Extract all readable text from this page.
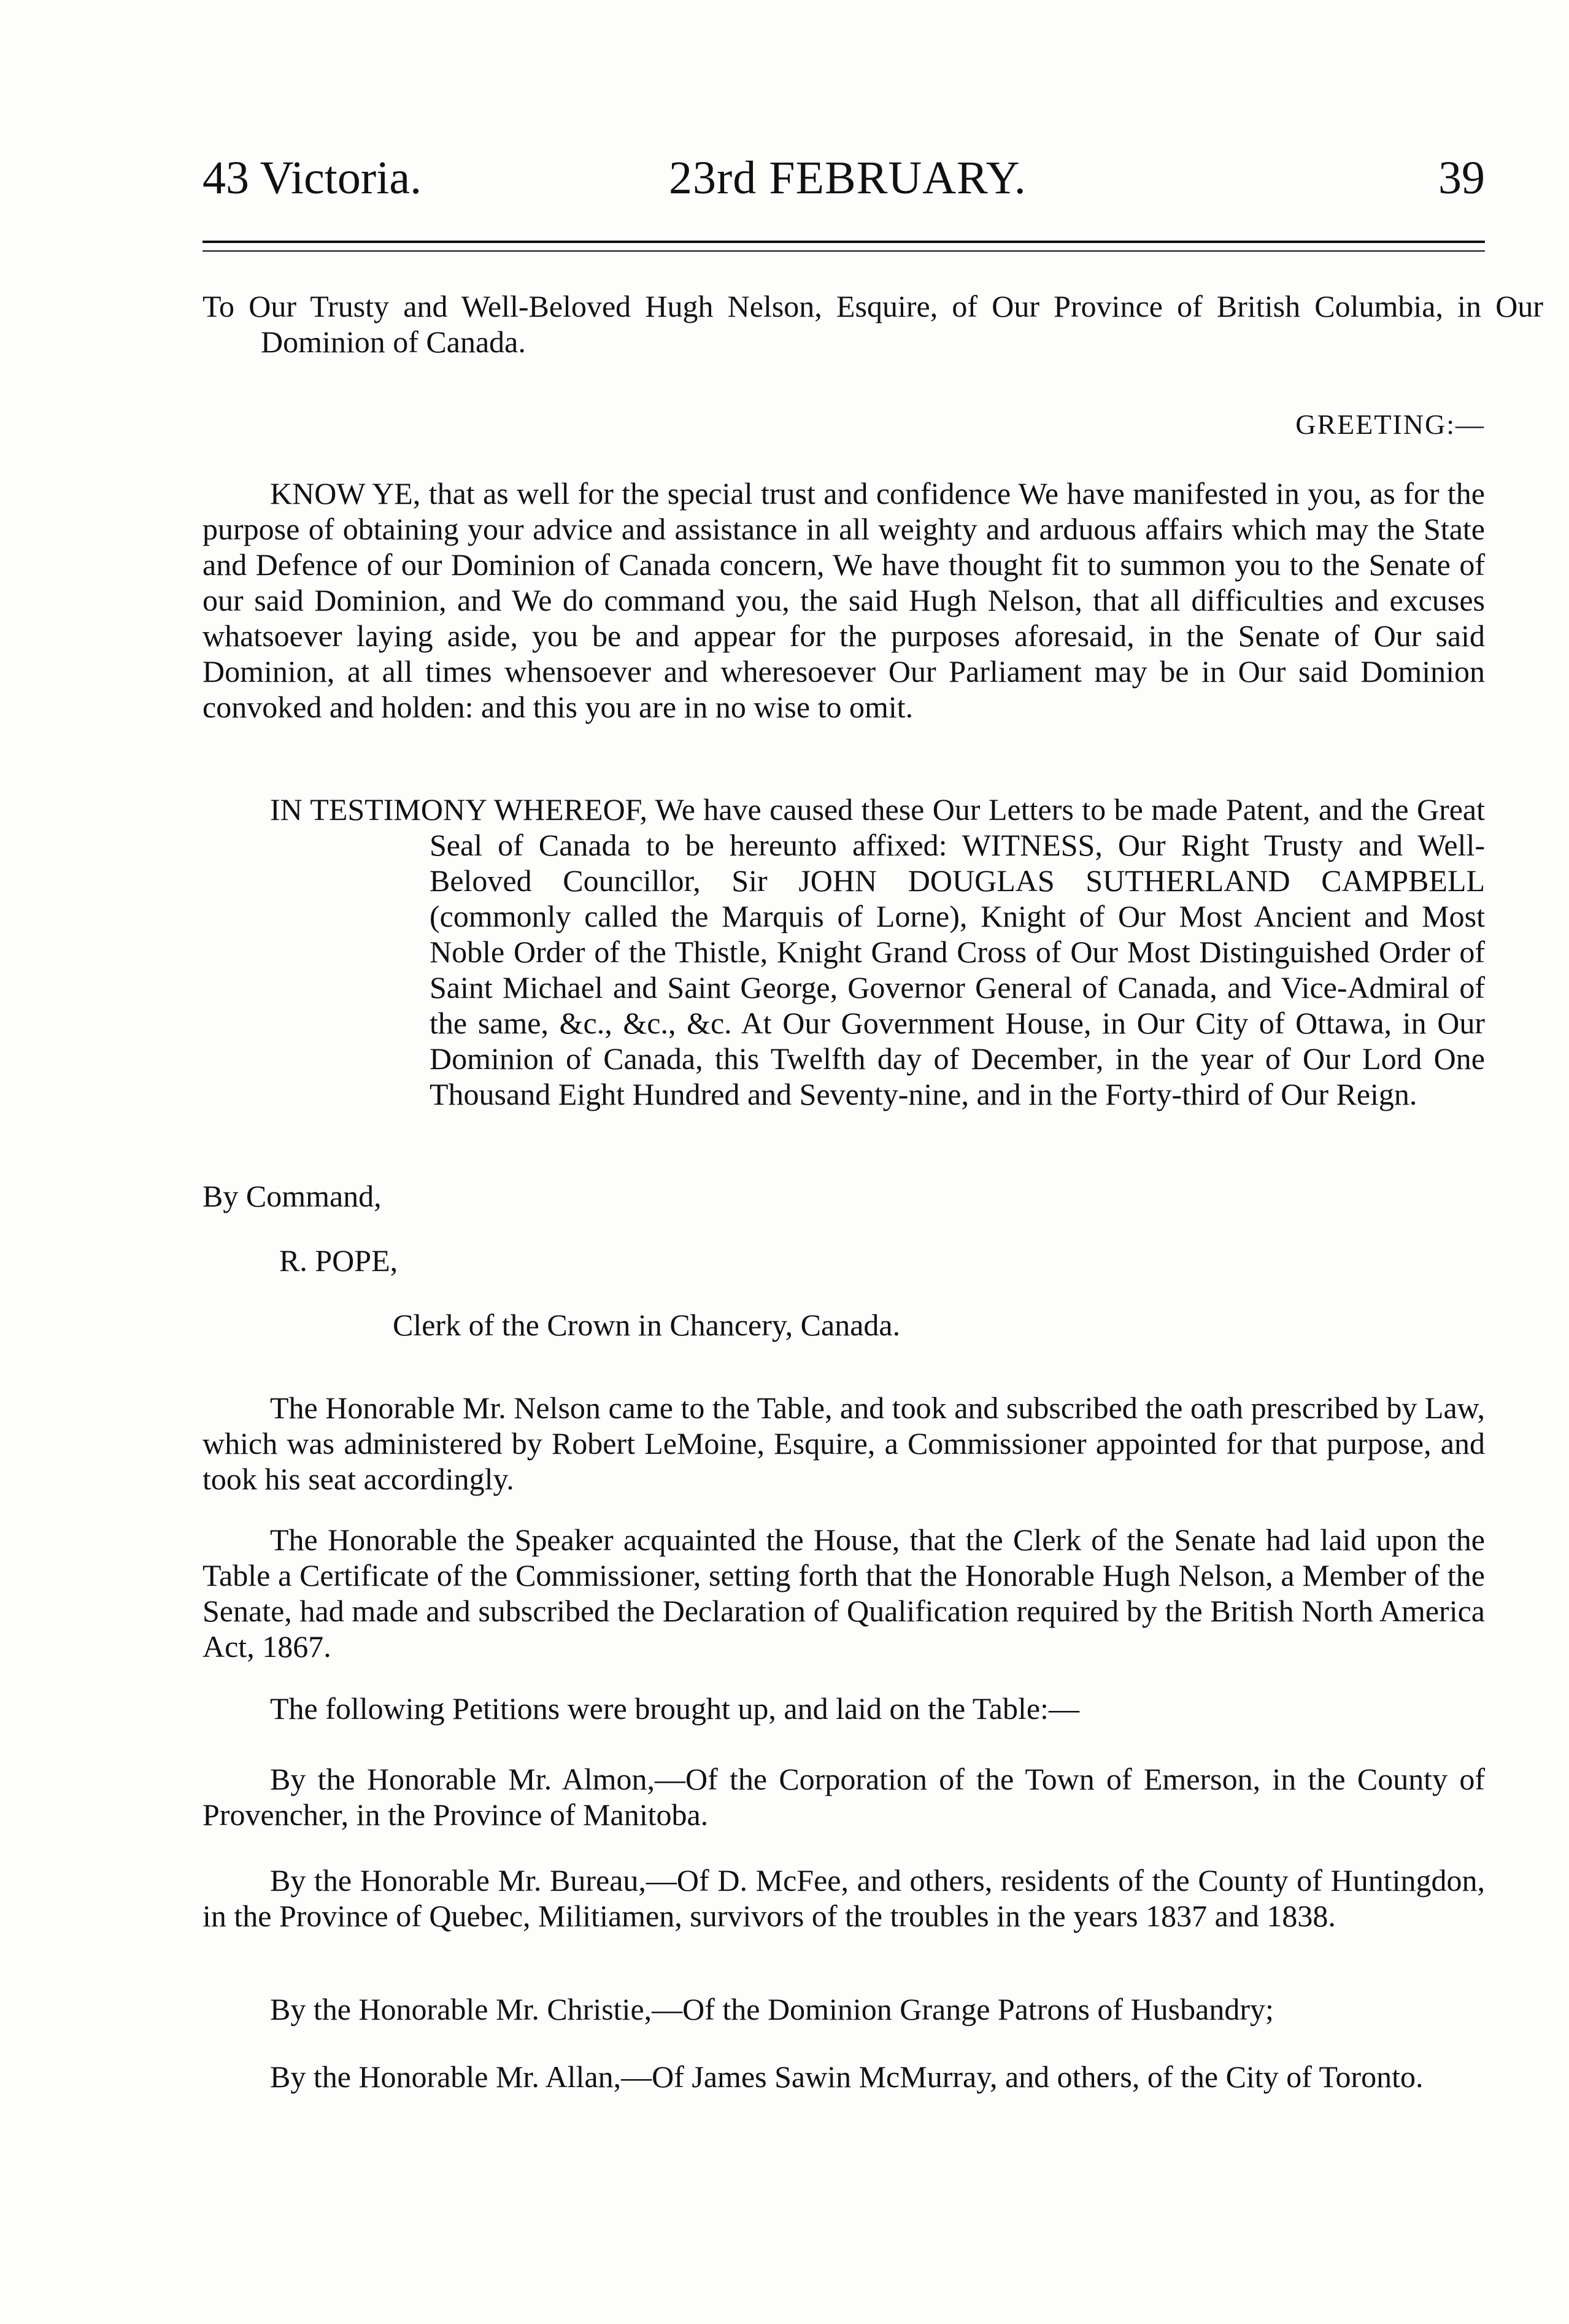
43 Victoria.	23rd FEBRUARY.	39

To Our Trusty and Well-Beloved Hugh Nelson, Esquire, of Our Province of British Columbia, in Our Dominion of Canada.

GREETING:—

KNOW YE, that as well for the special trust and confidence We have manifested in you, as for the purpose of obtaining your advice and assistance in all weighty and arduous affairs which may the State and Defence of our Dominion of Canada concern, We have thought fit to summon you to the Senate of our said Dominion, and We do command you, the said Hugh Nelson, that all difficulties and excuses whatsoever laying aside, you be and appear for the purposes aforesaid, in the Senate of Our said Dominion, at all times whensoever and wheresoever Our Parliament may be in Our said Dominion convoked and holden: and this you are in no wise to omit.

IN TESTIMONY WHEREOF, We have caused these Our Letters to be made Patent, and the Great Seal of Canada to be hereunto affixed: WITNESS, Our Right Trusty and Well-Beloved Councillor, Sir JOHN DOUGLAS SUTHERLAND CAMPBELL (commonly called the Marquis of Lorne), Knight of Our Most Ancient and Most Noble Order of the Thistle, Knight Grand Cross of Our Most Distinguished Order of Saint Michael and Saint George, Governor General of Canada, and Vice-Admiral of the same, &c., &c., &c. At Our Government House, in Our City of Ottawa, in Our Dominion of Canada, this Twelfth day of December, in the year of Our Lord One Thousand Eight Hundred and Seventy-nine, and in the Forty-third of Our Reign.
By Command,
R. POPE,
Clerk of the Crown in Chancery, Canada.

The Honorable Mr. Nelson came to the Table, and took and subscribed the oath prescribed by Law, which was administered by Robert LeMoine, Esquire, a Commissioner appointed for that purpose, and took his seat accordingly.

The Honorable the Speaker acquainted the House, that the Clerk of the Senate had laid upon the Table a Certificate of the Commissioner, setting forth that the Honorable Hugh Nelson, a Member of the Senate, had made and subscribed the Declaration of Qualification required by the British North America Act, 1867.

The following Petitions were brought up, and laid on the Table:—

By the Honorable Mr. Almon,—Of the Corporation of the Town of Emerson, in the County of Provencher, in the Province of Manitoba.

By the Honorable Mr. Bureau,—Of D. McFee, and others, residents of the County of Huntingdon, in the Province of Quebec, Militiamen, survivors of the troubles in the years 1837 and 1838.

By the Honorable Mr. Christie,—Of the Dominion Grange Patrons of Husbandry;

By the Honorable Mr. Allan,—Of James Sawin McMurray, and others, of the City of Toronto.
